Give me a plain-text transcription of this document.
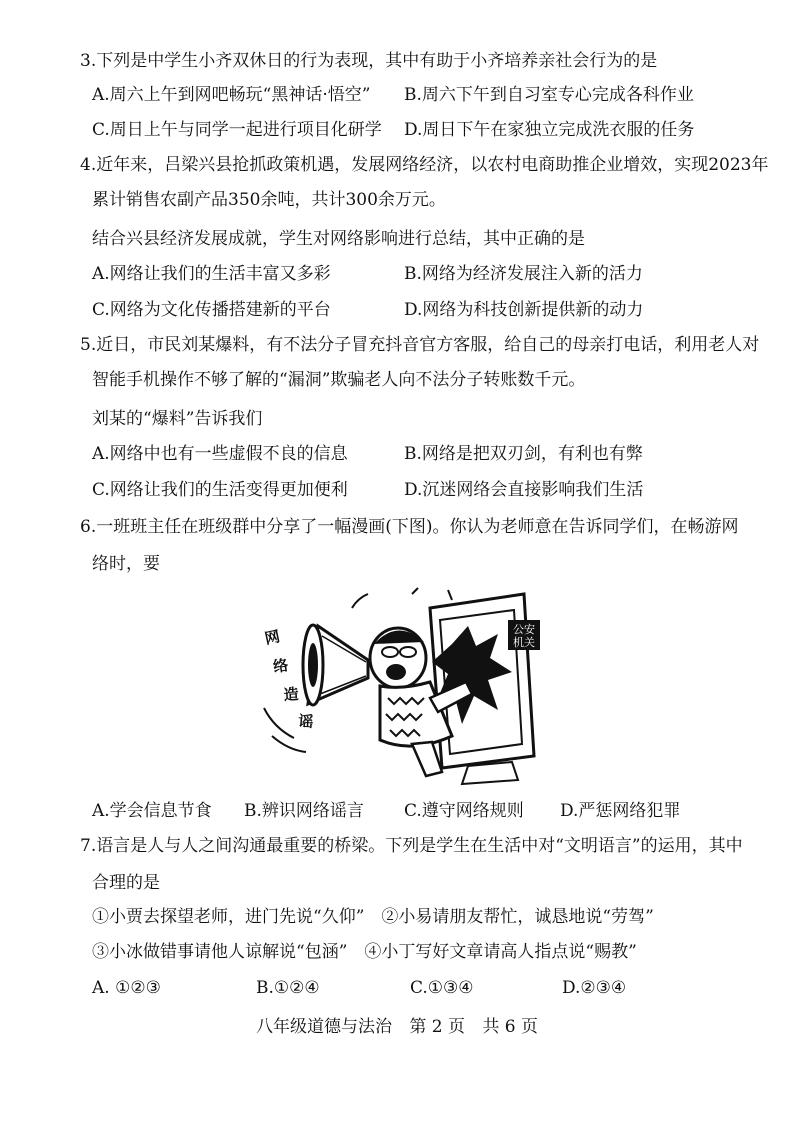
3.下列是中学生小齐双休日的行为表现，其中有助于小齐培养亲社会行为的是
A.周六上午到网吧畅玩“黑神话·悟空” B.周六下午到自习室专心完成各科作业
C.周日上午与同学一起进行项目化研学 D.周日下午在家独立完成洗衣服的任务
4.近年来，吕梁兴县抢抓政策机遇，发展网络经济，以农村电商助推企业增效，实现2023年
累计销售农副产品350余吨，共计300余万元。
结合兴县经济发展成就，学生对网络影响进行总结，其中正确的是
A.网络让我们的生活丰富又多彩	B.网络为经济发展注入新的活力
C.网络为文化传播搭建新的平台	D.网络为科技创新提供新的动力
5.近日，市民刘某爆料，有不法分子冒充抖音官方客服，给自己的母亲打电话，利用老人对
智能手机操作不够了解的“漏洞”欺骗老人向不法分子转账数千元。
刘某的“爆料”告诉我们
A.网络中也有一些虚假不良的信息	B.网络是把双刃剑，有利也有弊
C.网络让我们的生活变得更加便利	D.沉迷网络会直接影响我们生活
6.一班班主任在班级群中分享了一幅漫画(下图)。你认为老师意在告诉同学们，在畅游网
络时，要
公安
机关
网
络
造
谣
A.学会信息节食 B.辨识网络谣言 C.遵守网络规则 D.严惩网络犯罪
7.语言是人与人之间沟通最重要的桥梁。下列是学生在生活中对“文明语言”的运用，其中
合理的是
①小贾去探望老师，进门先说“久仰”　②小易请朋友帮忙，诚恳地说“劳驾”
③小冰做错事请他人谅解说“包涵”　④小丁写好文章请高人指点说“赐教”
A. ①②③	B.①②④	C.①③④	D.②③④
八年级道德与法治 第 2 页 共 6 页
